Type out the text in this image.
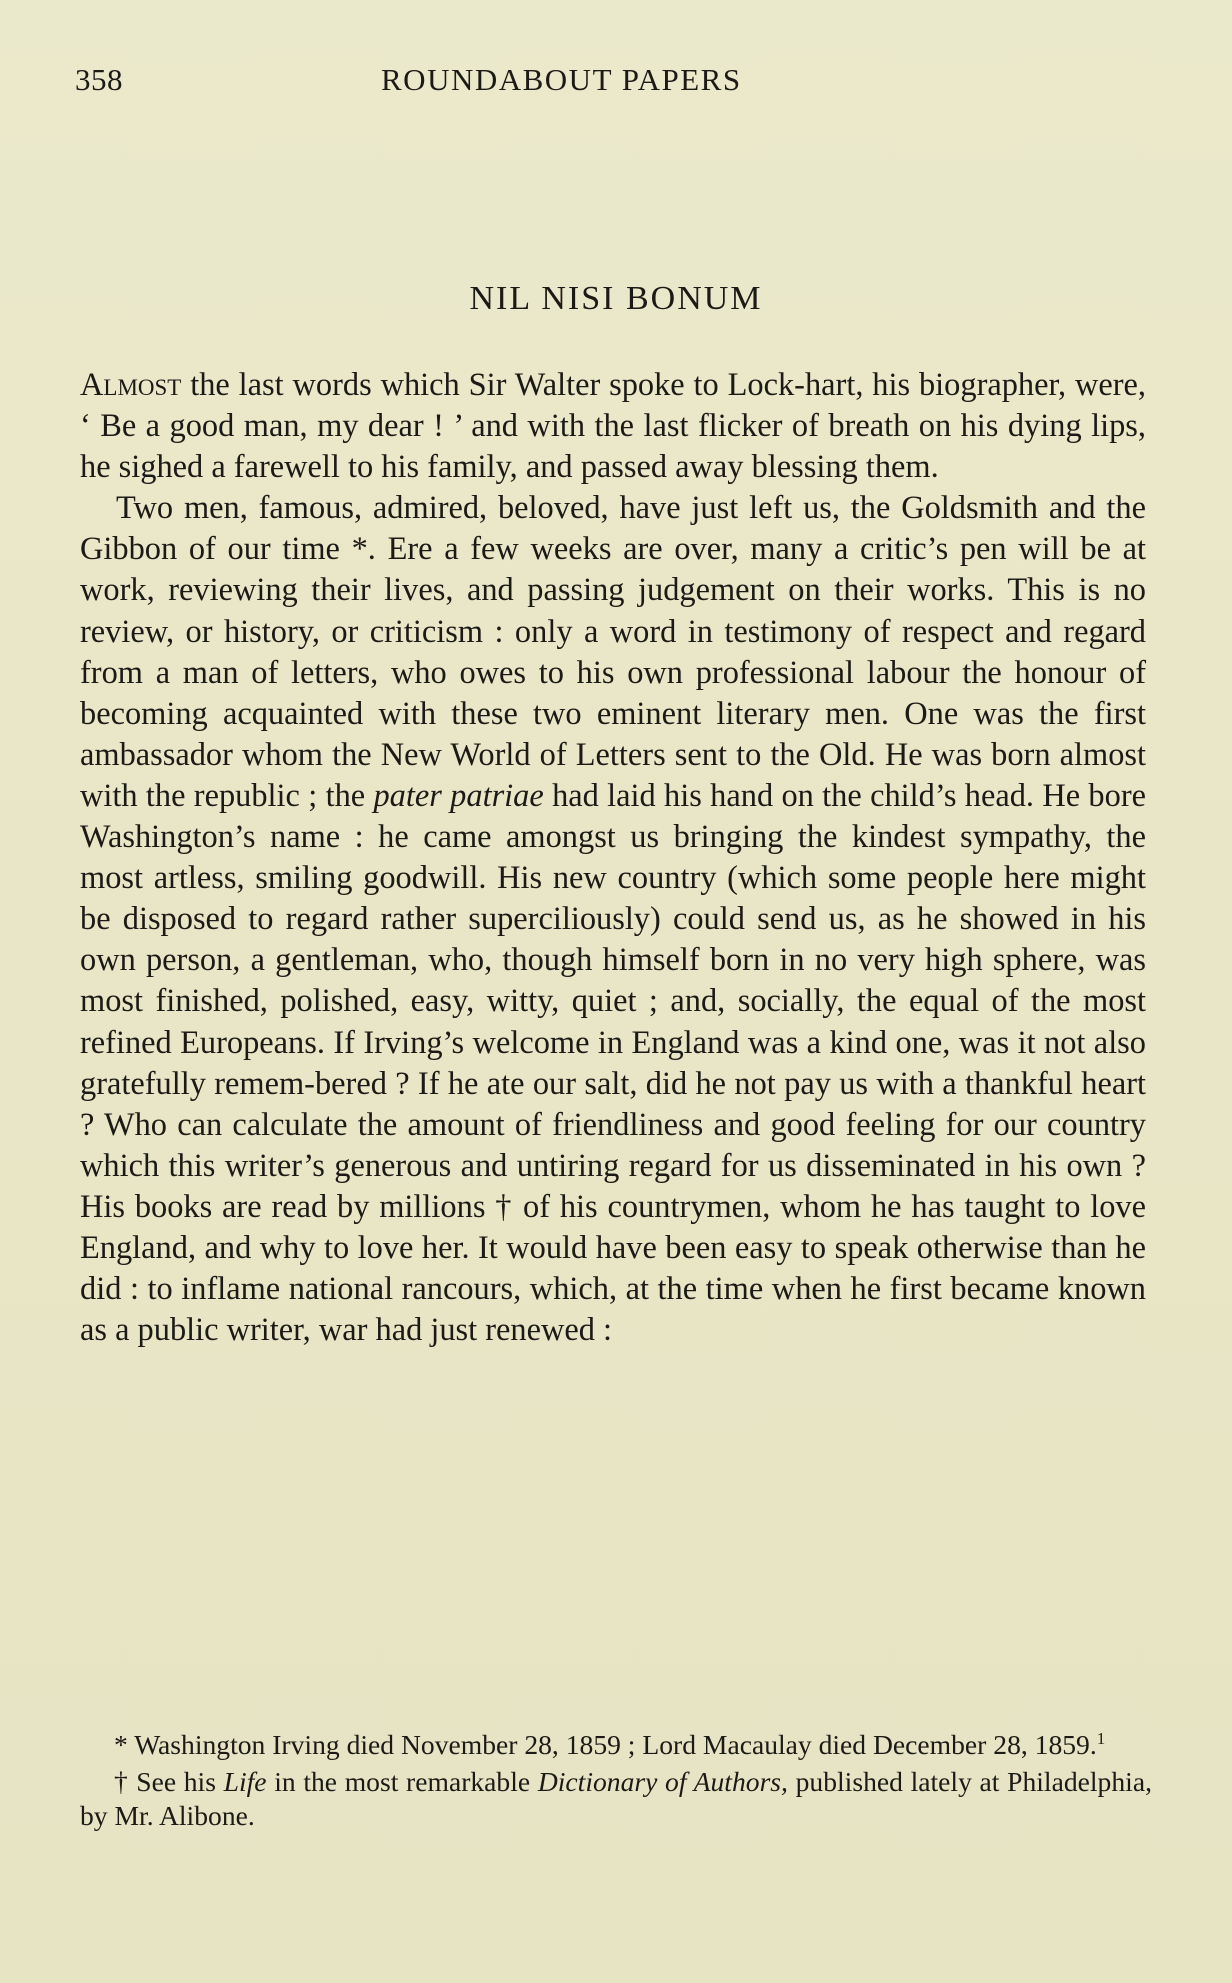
358	ROUNDABOUT PAPERS
NIL NISI BONUM

Almost the last words which Sir Walter spoke to Lock-hart, his biographer, were, ‘ Be a good man, my dear ! ’ and with the last flicker of breath on his dying lips, he sighed a farewell to his family, and passed away blessing them.

Two men, famous, admired, beloved, have just left us, the Goldsmith and the Gibbon of our time *. Ere a few weeks are over, many a critic’s pen will be at work, reviewing their lives, and passing judgement on their works. This is no review, or history, or criticism : only a word in testimony of respect and regard from a man of letters, who owes to his own professional labour the honour of becoming acquainted with these two eminent literary men. One was the first ambassador whom the New World of Letters sent to the Old. He was born almost with the republic ; the pater patriae had laid his hand on the child’s head. He bore Washington’s name : he came amongst us bringing the kindest sympathy, the most artless, smiling goodwill. His new country (which some people here might be disposed to regard rather superciliously) could send us, as he showed in his own person, a gentleman, who, though himself born in no very high sphere, was most finished, polished, easy, witty, quiet ; and, socially, the equal of the most refined Europeans. If Irving’s welcome in England was a kind one, was it not also gratefully remem-bered ? If he ate our salt, did he not pay us with a thankful heart ? Who can calculate the amount of friendliness and good feeling for our country which this writer’s generous and untiring regard for us disseminated in his own ? His books are read by millions † of his countrymen, whom he has taught to love England, and why to love her. It would have been easy to speak otherwise than he did : to inflame national rancours, which, at the time when he first became known as a public writer, war had just renewed :

* Washington Irving died November 28, 1859 ; Lord Macaulay died December 28, 1859.$^1$

† See his Life in the most remarkable Dictionary of Authors, published lately at Philadelphia, by Mr. Alibone.
